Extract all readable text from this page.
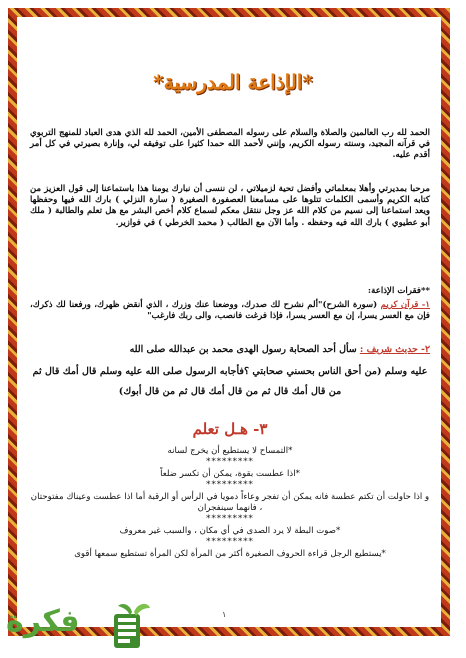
*الإذاعة المدرسية*

الحمد لله رب العالمين والصلاة والسلام على رسوله المصطفى الأمين، الحمد لله الذي هدى العباد للمنهج التربوي في قرآنه المجيد، وسنته رسوله الكريم، وإنني لأحمد الله حمدا كثيرا على توفيقه لي، وإنارة بصيرتي في كل أمر أقدم عليه.

مرحبا بمديرتي وأهلا بمعلماتي وأفضل تحية لزميلاتي ، لن ننسى أن نبارك يومنا هذا باستماعنا إلى قول العزيز من كتابه الكريم وأسمى الكلمات تتلوها على مسامعنا العصفورة الصغيرة ( سارة النزلي ) بارك الله فيها وحفظها ويعد استماعنا إلى نسيم من كلام الله عز وجل ننتقل معكم لسماع كلام أخص البشر مع هل تعلم والطالبة ( ملك أبو عطيوي ) بارك الله فيه وحفظه . وأما الآن مع الطالب ( محمد الخرطي ) في فوازير.

**فقرات الإذاعة:

١- قرآن كريم (سورة الشرح)"ألم نشرح لك صدرك، ووضعنا عنك وزرك ، الذي أنقض ظهرك، ورفعنا لك ذكرك، فإن مع العسر يسرا، إن مع العسر يسرا، فإذا فرغت فانصب، والى ربك فارغب"

٢- حديث شريف : سأل أحد الصحابة رسول الهدى محمد بن عبدالله صلى الله

عليه وسلم (من أحق الناس بحسني صحابتي ؟فأجابه الرسول صلى الله عليه وسلم قال أمك قال ثم من قال أمك قال ثم من قال أمك قال ثم من قال أبوك)

٣- هـل تعلم

*التمساح لا يستطيع أن يخرج لسانه

*********

*اذا عطست بقوة، يمكن أن تكسر ضلعاً

*********

و اذا حاولت أن تكتم عطسة فانه يمكن أن تفجر وعاءاً دمويا في الرأس أو الرقبة أما اذا عطست وعيناك مفتوحتان ، فانهما سينفجران

*********

*صوت البطة لا يرد الصدى في أي مكان ، والسبب غير معروف

*********

*يستطيع الرجل قراءة الحروف الصغيرة أكثر من المرأة لكن المرأة تستطيع سمعها أقوى

١
فكرة
